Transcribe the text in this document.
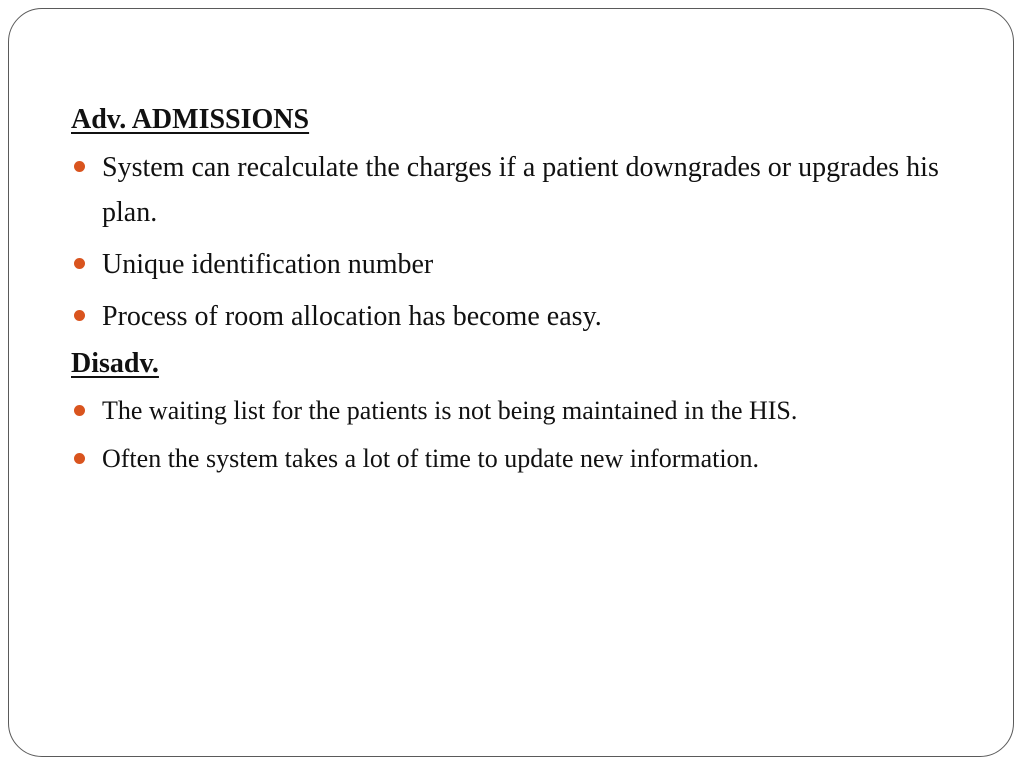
Adv. ADMISSIONS

System can recalculate the charges if a patient downgrades or upgrades his plan.
Unique identification number
Process of room allocation has become easy.

Disadv.

The waiting list for the patients is not being maintained in the HIS.
Often the system takes a lot of time to update new information.
